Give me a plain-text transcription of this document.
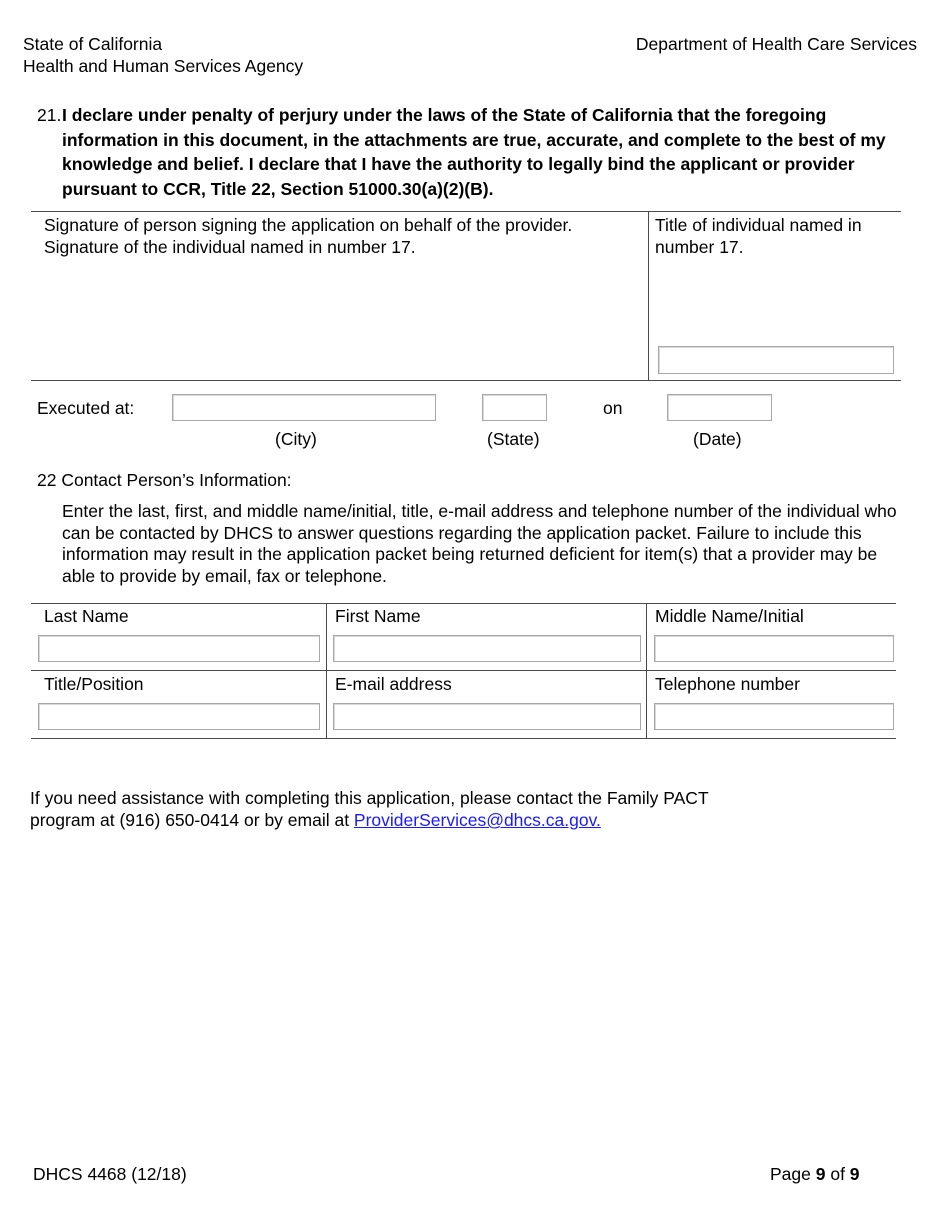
State of California
Health and Human Services Agency
Department of Health Care Services
21. I declare under penalty of perjury under the laws of the State of California that the foregoing information in this document, in the attachments are true, accurate, and complete to the best of my knowledge and belief. I declare that I have the authority to legally bind the applicant or provider pursuant to CCR, Title 22, Section 51000.30(a)(2)(B).
Signature of person signing the application on behalf of the provider.
Signature of the individual named in number 17.
Title of individual named in
number 17.
Executed at:	on
(City)	(State)	(Date)
22 Contact Person’s Information:
Enter the last, first, and middle name/initial, title, e-mail address and telephone number of the individual who can be contacted by DHCS to answer questions regarding the application packet. Failure to include this information may result in the application packet being returned deficient for item(s) that a provider may be able to provide by email, fax or telephone.
Last Name	First Name	Middle Name/Initial
Title/Position	E-mail address	Telephone number
If you need assistance with completing this application, please contact the Family PACT
program at (916) 650-0414 or by email at ProviderServices@dhcs.ca.gov.
DHCS 4468 (12/18)	Page 9 of 9
